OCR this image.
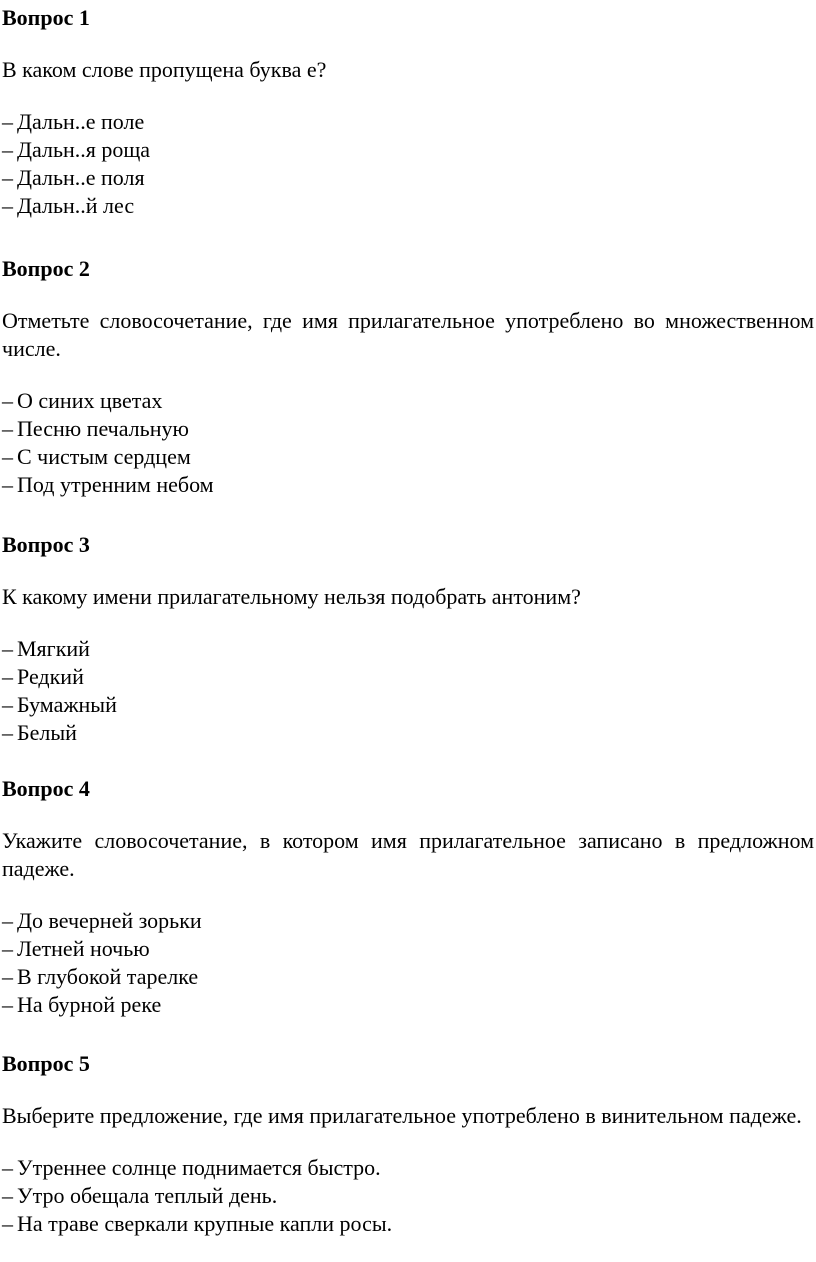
Вопрос 1

В каком слове пропущена буква е?

– Дальн..е поле
– Дальн..я роща
– Дальн..е поля
– Дальн..й лес
Вопрос 2

Отметьте словосочетание, где имя прилагательное употреблено во множественном числе.

– О синих цветах
– Песню печальную
– С чистым сердцем
– Под утренним небом
Вопрос 3

К какому имени прилагательному нельзя подобрать антоним?

– Мягкий
– Редкий
– Бумажный
– Белый
Вопрос 4

Укажите словосочетание, в котором имя прилагательное записано в предложном падеже.

– До вечерней зорьки
– Летней ночью
– В глубокой тарелке
– На бурной реке
Вопрос 5

Выберите предложение, где имя прилагательное употреблено в винительном падеже.

– Утреннее солнце поднимается быстро.
– Утро обещала теплый день.
– На траве сверкали крупные капли росы.
